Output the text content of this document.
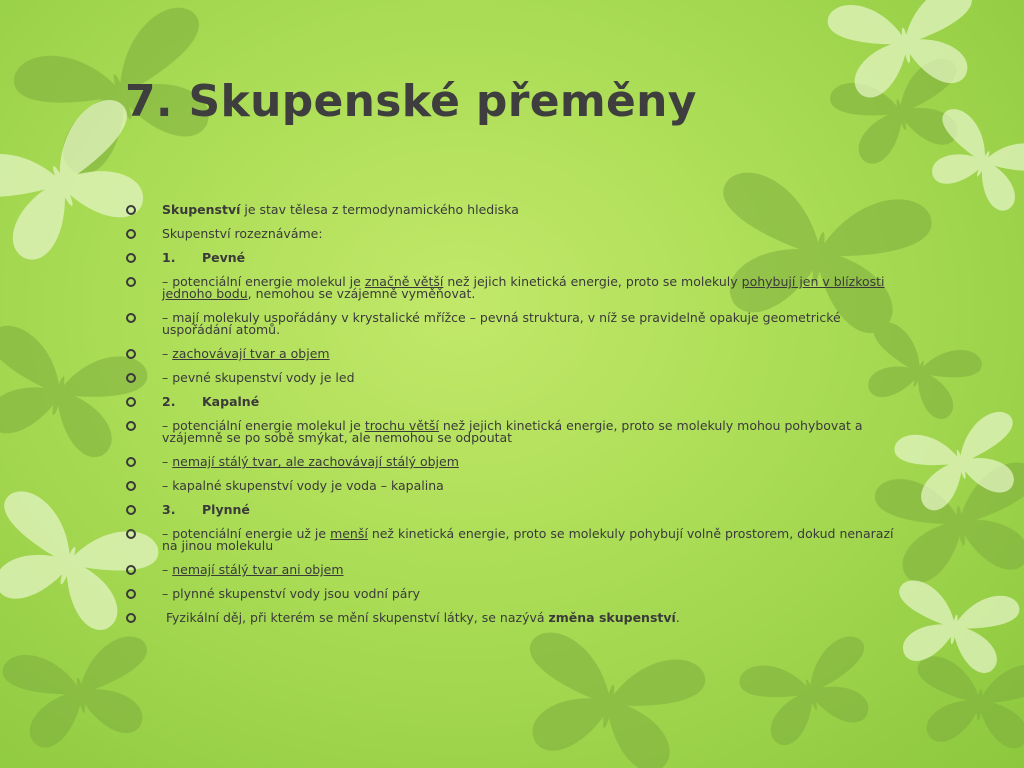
7. Skupenské přeměny
Skupenství je stav tělesa z termodynamického hlediska
Skupenství rozeznáváme:
1. Pevné
– potenciální energie molekul je značně větší než jejich kinetická energie, proto se molekuly pohybují jen v blízkosti jednoho bodu, nemohou se vzájemně vyměňovat.
– mají molekuly uspořádány v krystalické mřížce – pevná struktura, v níž se pravidelně opakuje geometrické uspořádání atomů.
– zachovávají tvar a objem
– pevné skupenství vody je led
2. Kapalné
– potenciální energie molekul je trochu větší než jejich kinetická energie, proto se molekuly mohou pohybovat a vzájemně se po sobě smýkat, ale nemohou se odpoutat
– nemají stálý tvar, ale zachovávají stálý objem
– kapalné skupenství vody je voda – kapalina
3. Plynné
– potenciální energie už je menší než kinetická energie, proto se molekuly pohybují volně prostorem, dokud nenarazí na jinou molekulu
– nemají stálý tvar ani objem
– plynné skupenství vody jsou vodní páry
Fyzikální děj, při kterém se mění skupenství látky, se nazývá změna skupenství.
